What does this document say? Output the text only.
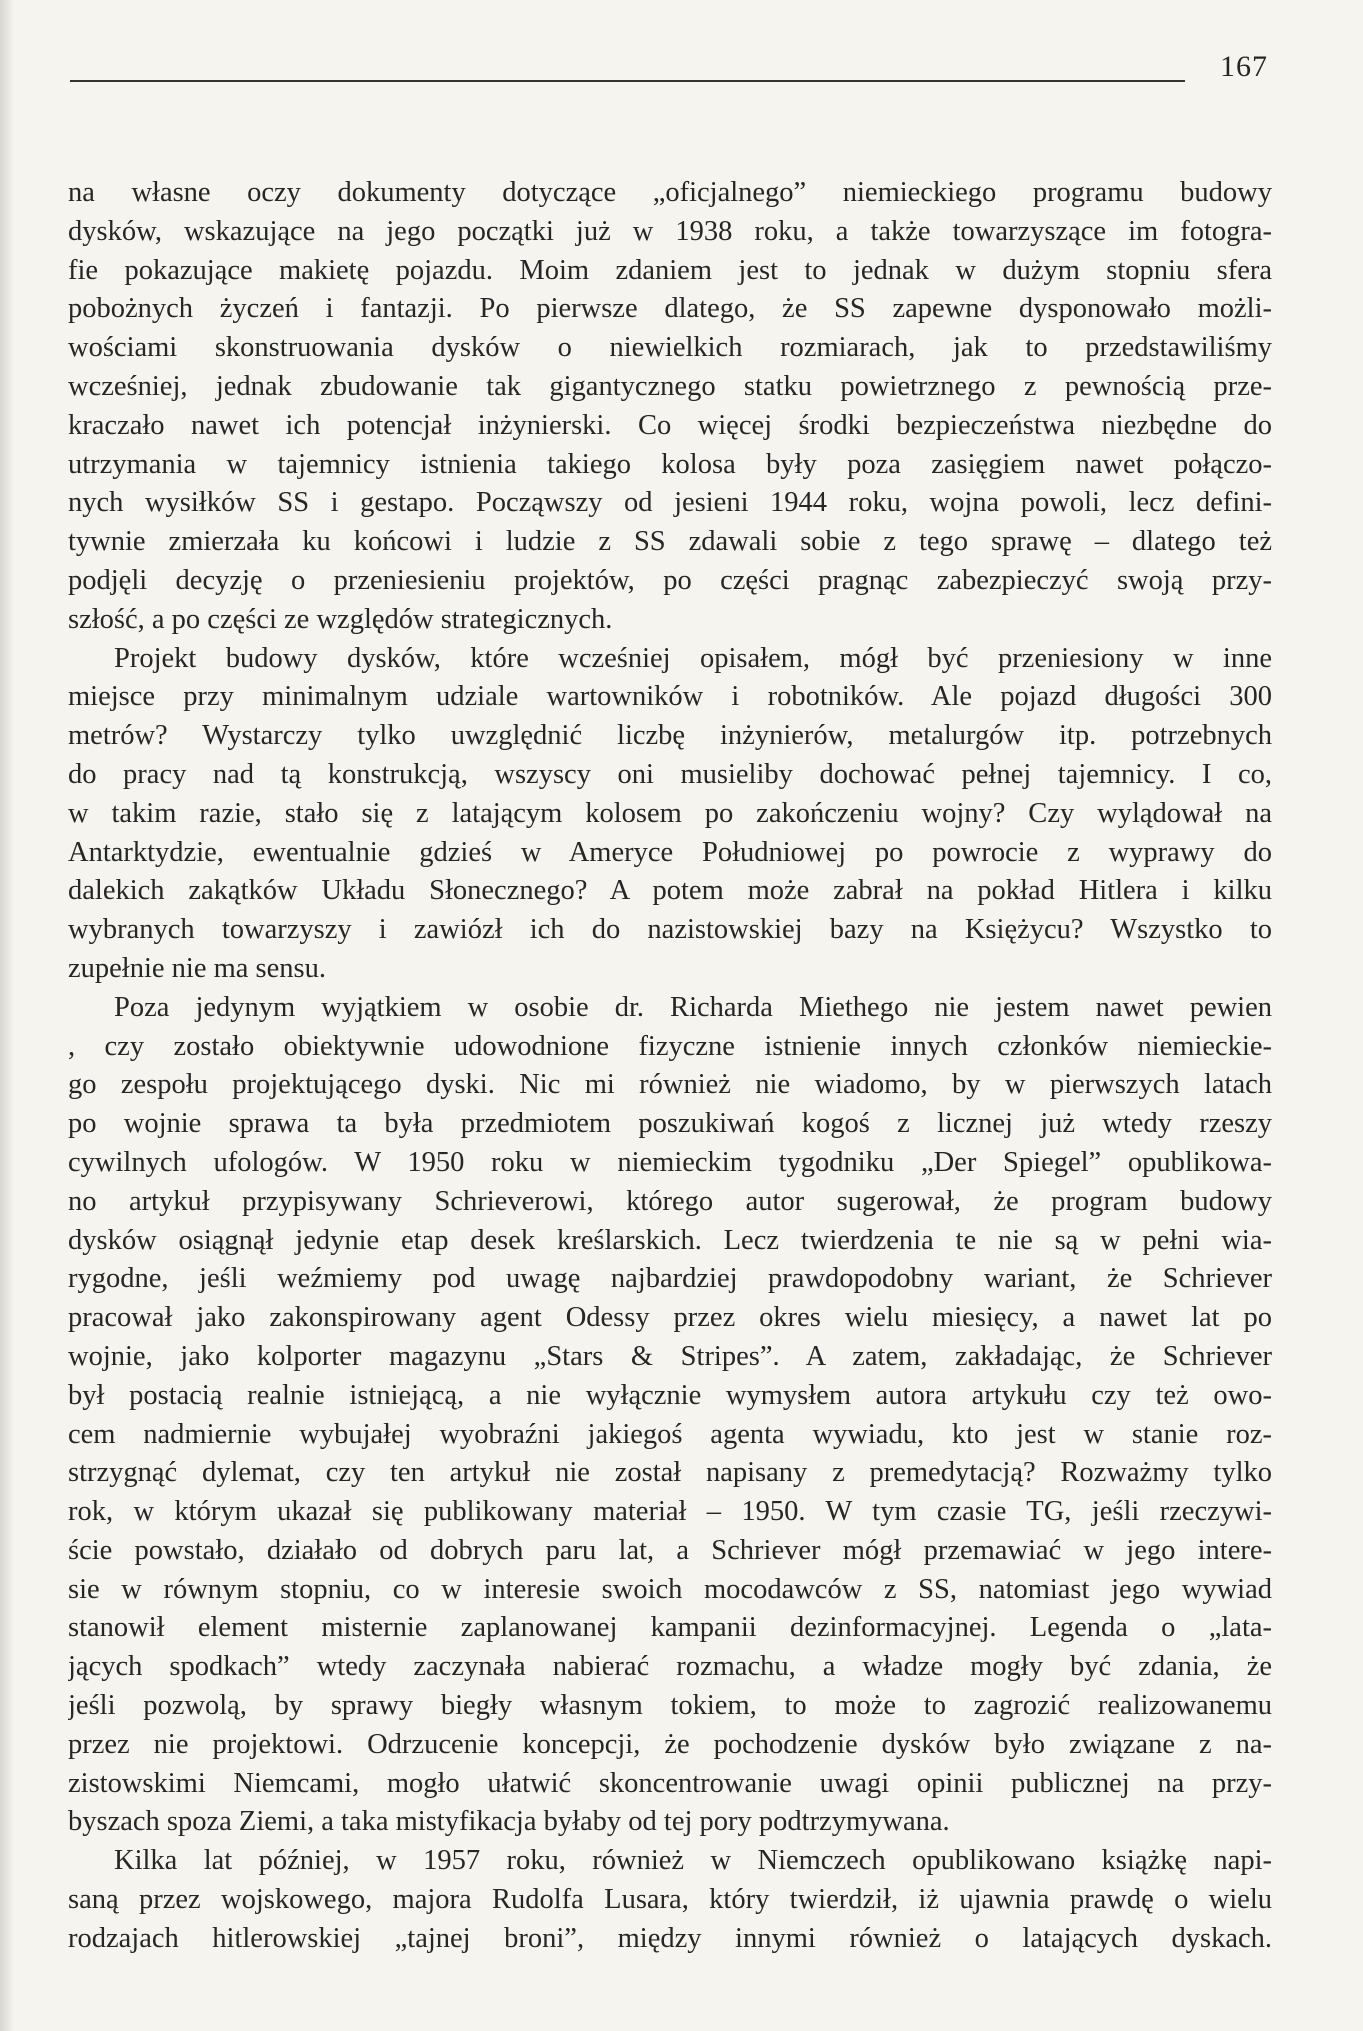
167
na własne oczy dokumenty dotyczące „oficjalnego” niemieckiego programu budowy
dysków, wskazujące na jego początki już w 1938 roku, a także towarzyszące im fotogra-
fie pokazujące makietę pojazdu. Moim zdaniem jest to jednak w dużym stopniu sfera
pobożnych życzeń i fantazji. Po pierwsze dlatego, że SS zapewne dysponowało możli-
wościami skonstruowania dysków o niewielkich rozmiarach, jak to przedstawiliśmy
wcześniej, jednak zbudowanie tak gigantycznego statku powietrznego z pewnością prze-
kraczało nawet ich potencjał inżynierski. Co więcej środki bezpieczeństwa niezbędne do
utrzymania w tajemnicy istnienia takiego kolosa były poza zasięgiem nawet połączo-
nych wysiłków SS i gestapo. Począwszy od jesieni 1944 roku, wojna powoli, lecz defini-
tywnie zmierzała ku końcowi i ludzie z SS zdawali sobie z tego sprawę – dlatego też
podjęli decyzję o przeniesieniu projektów, po części pragnąc zabezpieczyć swoją przy-
szłość, a po części ze względów strategicznych.
Projekt budowy dysków, które wcześniej opisałem, mógł być przeniesiony w inne
miejsce przy minimalnym udziale wartowników i robotników. Ale pojazd długości 300
metrów? Wystarczy tylko uwzględnić liczbę inżynierów, metalurgów itp. potrzebnych
do pracy nad tą konstrukcją, wszyscy oni musieliby dochować pełnej tajemnicy. I co,
w takim razie, stało się z latającym kolosem po zakończeniu wojny? Czy wylądował na
Antarktydzie, ewentualnie gdzieś w Ameryce Południowej po powrocie z wyprawy do
dalekich zakątków Układu Słonecznego? A potem może zabrał na pokład Hitlera i kilku
wybranych towarzyszy i zawiózł ich do nazistowskiej bazy na Księżycu? Wszystko to
zupełnie nie ma sensu.
Poza jedynym wyjątkiem w osobie dr. Richarda Miethego nie jestem nawet pewien
, czy zostało obiektywnie udowodnione fizyczne istnienie innych członków niemieckie-
go zespołu projektującego dyski. Nic mi również nie wiadomo, by w pierwszych latach
po wojnie sprawa ta była przedmiotem poszukiwań kogoś z licznej już wtedy rzeszy
cywilnych ufologów. W 1950 roku w niemieckim tygodniku „Der Spiegel” opublikowa-
no artykuł przypisywany Schrieverowi, którego autor sugerował, że program budowy
dysków osiągnął jedynie etap desek kreślarskich. Lecz twierdzenia te nie są w pełni wia-
rygodne, jeśli weźmiemy pod uwagę najbardziej prawdopodobny wariant, że Schriever
pracował jako zakonspirowany agent Odessy przez okres wielu miesięcy, a nawet lat po
wojnie, jako kolporter magazynu „Stars & Stripes”. A zatem, zakładając, że Schriever
był postacią realnie istniejącą, a nie wyłącznie wymysłem autora artykułu czy też owo-
cem nadmiernie wybujałej wyobraźni jakiegoś agenta wywiadu, kto jest w stanie roz-
strzygnąć dylemat, czy ten artykuł nie został napisany z premedytacją? Rozważmy tylko
rok, w którym ukazał się publikowany materiał – 1950. W tym czasie TG, jeśli rzeczywi-
ście powstało, działało od dobrych paru lat, a Schriever mógł przemawiać w jego intere-
sie w równym stopniu, co w interesie swoich mocodawców z SS, natomiast jego wywiad
stanowił element misternie zaplanowanej kampanii dezinformacyjnej. Legenda o „lata-
jących spodkach” wtedy zaczynała nabierać rozmachu, a władze mogły być zdania, że
jeśli pozwolą, by sprawy biegły własnym tokiem, to może to zagrozić realizowanemu
przez nie projektowi. Odrzucenie koncepcji, że pochodzenie dysków było związane z na-
zistowskimi Niemcami, mogło ułatwić skoncentrowanie uwagi opinii publicznej na przy-
byszach spoza Ziemi, a taka mistyfikacja byłaby od tej pory podtrzymywana.
Kilka lat później, w 1957 roku, również w Niemczech opublikowano książkę napi-
saną przez wojskowego, majora Rudolfa Lusara, który twierdził, iż ujawnia prawdę o wielu
rodzajach hitlerowskiej „tajnej broni”, między innymi również o latających dyskach.
